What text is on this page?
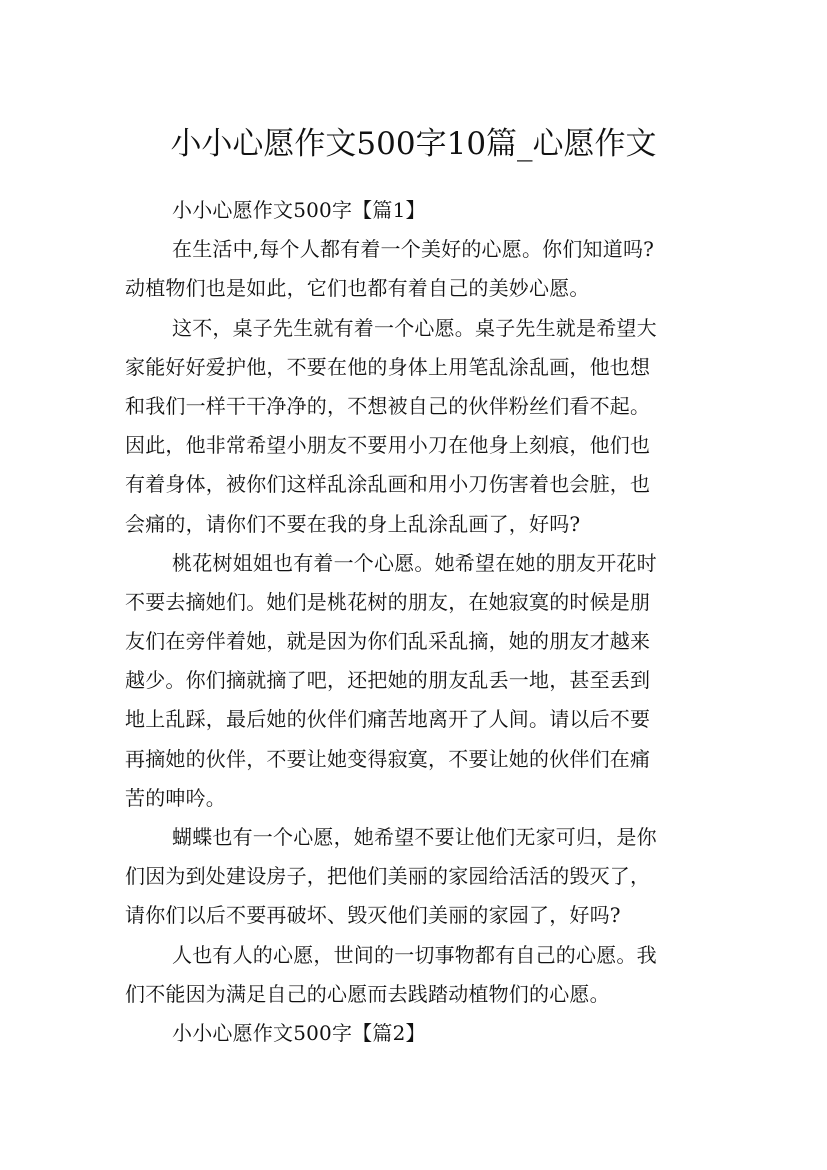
小小心愿作文500字10篇_心愿作文
小小心愿作文500字【篇1】
在生活中,每个人都有着一个美好的心愿。你们知道吗?
动植物们也是如此，它们也都有着自己的美妙心愿。
这不，桌子先生就有着一个心愿。桌子先生就是希望大
家能好好爱护他，不要在他的身体上用笔乱涂乱画，他也想
和我们一样干干净净的，不想被自己的伙伴粉丝们看不起。
因此，他非常希望小朋友不要用小刀在他身上刻痕，他们也
有着身体，被你们这样乱涂乱画和用小刀伤害着也会脏，也
会痛的，请你们不要在我的身上乱涂乱画了，好吗?
桃花树姐姐也有着一个心愿。她希望在她的朋友开花时
不要去摘她们。她们是桃花树的朋友，在她寂寞的时候是朋
友们在旁伴着她，就是因为你们乱采乱摘，她的朋友才越来
越少。你们摘就摘了吧，还把她的朋友乱丢一地，甚至丢到
地上乱踩，最后她的伙伴们痛苦地离开了人间。请以后不要
再摘她的伙伴，不要让她变得寂寞，不要让她的伙伴们在痛
苦的呻吟。
蝴蝶也有一个心愿，她希望不要让他们无家可归，是你
们因为到处建设房子，把他们美丽的家园给活活的毁灭了，
请你们以后不要再破坏、毁灭他们美丽的家园了，好吗?
人也有人的心愿，世间的一切事物都有自己的心愿。我
们不能因为满足自己的心愿而去践踏动植物们的心愿。
小小心愿作文500字【篇2】
